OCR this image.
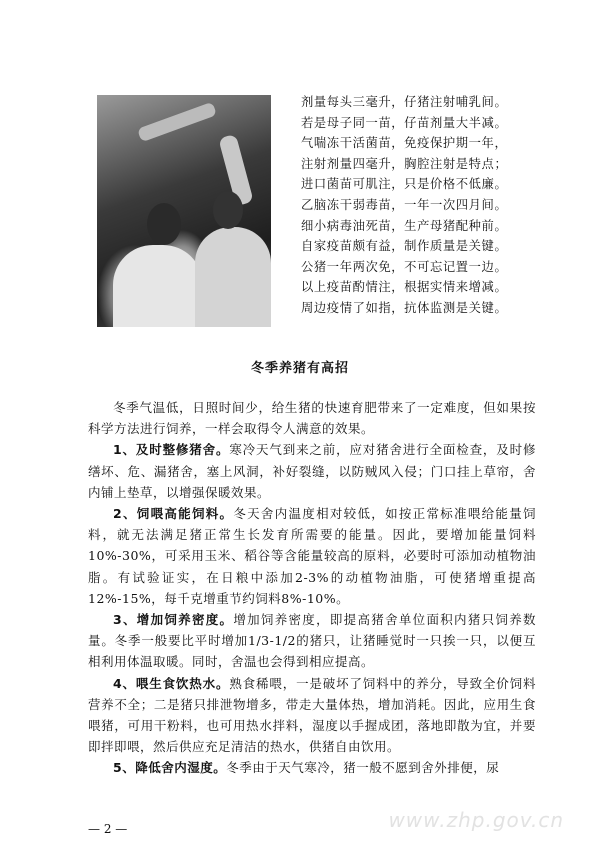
剂量每头三毫升，仔猪注射哺乳间。
若是母子同一苗，仔苗剂量大半减。
气喘冻干活菌苗，免疫保护期一年，
注射剂量四毫升，胸腔注射是特点；
进口菌苗可肌注，只是价格不低廉。
乙脑冻干弱毒苗，一年一次四月间。
细小病毒油死苗，生产母猪配种前。
自家疫苗颇有益，制作质量是关键。
公猪一年两次免，不可忘记置一边。
以上疫苗酌情注，根据实情来增减。
周边疫情了如指，抗体监测是关键。
冬季养猪有高招

冬季气温低，日照时间少，给生猪的快速育肥带来了一定难度，但如果按科学方法进行饲养，一样会取得令人满意的效果。

1、及时整修猪舍。寒冷天气到来之前，应对猪舍进行全面检查，及时修缮坏、危、漏猪舍，塞上风洞，补好裂缝，以防贼风入侵；门口挂上草帘，舍内铺上垫草，以增强保暖效果。

2、饲喂高能饲料。冬天舍内温度相对较低，如按正常标准喂给能量饲料，就无法满足猪正常生长发育所需要的能量。因此，要增加能量饲料10%-30%，可采用玉米、稻谷等含能量较高的原料，必要时可添加动植物油脂。有试验证实，在日粮中添加2-3%的动植物油脂，可使猪增重提高12%-15%，每千克增重节约饲料8%-10%。

3、增加饲养密度。增加饲养密度，即提高猪舍单位面积内猪只饲养数量。冬季一般要比平时增加1/3-1/2的猪只，让猪睡觉时一只挨一只，以便互相利用体温取暖。同时，舍温也会得到相应提高。

4、喂生食饮热水。熟食稀喂，一是破坏了饲料中的养分，导致全价饲料营养不全；二是猪只排泄物增多，带走大量体热，增加消耗。因此，应用生食喂猪，可用干粉料，也可用热水拌料，湿度以手握成团，落地即散为宜，并要即拌即喂，然后供应充足清洁的热水，供猪自由饮用。

5、降低舍内湿度。冬季由于天气寒冷，猪一般不愿到舍外排便，尿

— 2 —	www.zhp.gov.cn
